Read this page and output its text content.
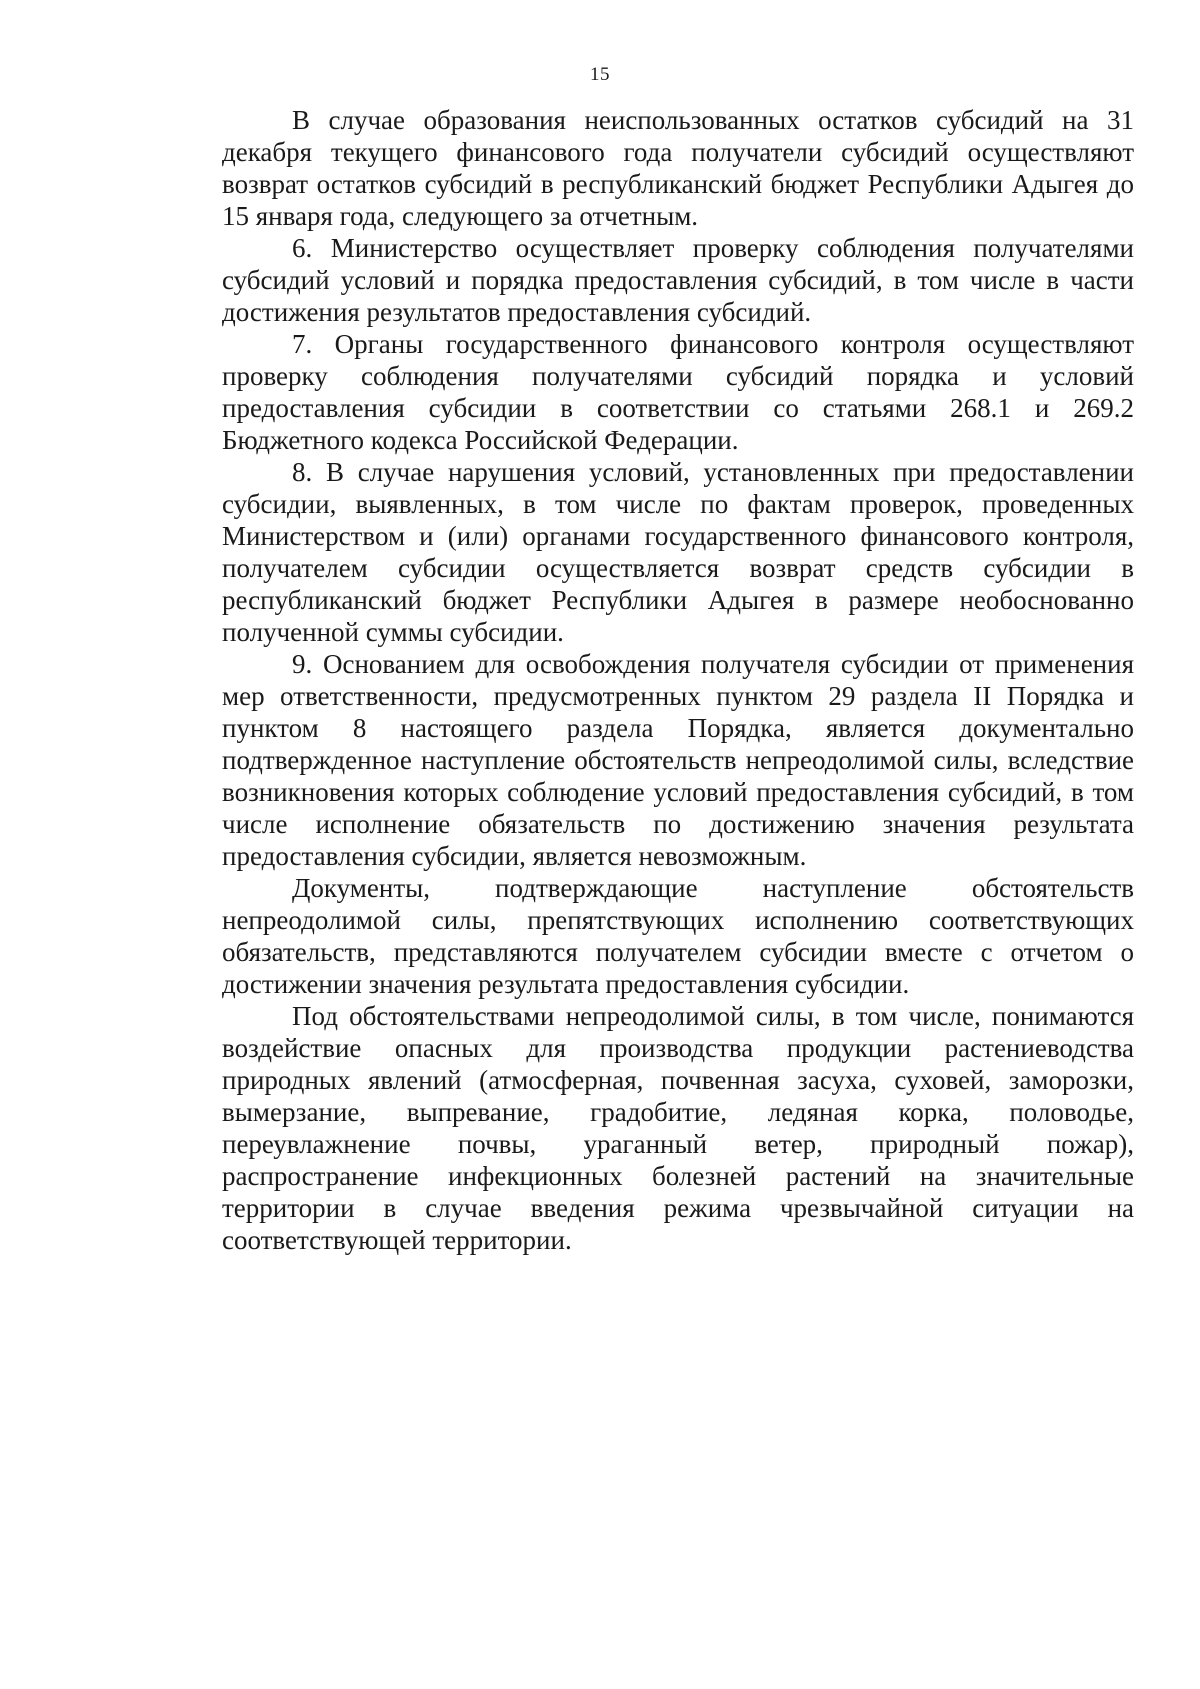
15

В случае образования неиспользованных остатков субсидий на 31 декабря текущего финансового года получатели субсидий осуществляют возврат остатков субсидий в республиканский бюджет Республики Адыгея до 15 января года, следующего за отчетным.

6. Министерство осуществляет проверку соблюдения получателями субсидий условий и порядка предоставления субсидий, в том числе в части достижения результатов предоставления субсидий.

7. Органы государственного финансового контроля осуществляют проверку соблюдения получателями субсидий порядка и условий предоставления субсидии в соответствии со статьями 268.1 и 269.2 Бюджетного кодекса Российской Федерации.

8. В случае нарушения условий, установленных при предоставлении субсидии, выявленных, в том числе по фактам проверок, проведенных Министерством и (или) органами государственного финансового контроля, получателем субсидии осуществляется возврат средств субсидии в республиканский бюджет Республики Адыгея в размере необоснованно полученной суммы субсидии.

9. Основанием для освобождения получателя субсидии от применения мер ответственности, предусмотренных пунктом 29 раздела II Порядка и пунктом 8 настоящего раздела Порядка, является документально подтвержденное наступление обстоятельств непреодолимой силы, вследствие возникновения которых соблюдение условий предоставления субсидий, в том числе исполнение обязательств по достижению значения результата предоставления субсидии, является невозможным.

Документы, подтверждающие наступление обстоятельств непреодолимой силы, препятствующих исполнению соответствующих обязательств, представляются получателем субсидии вместе с отчетом о достижении значения результата предоставления субсидии.

Под обстоятельствами непреодолимой силы, в том числе, понимаются воздействие опасных для производства продукции растениеводства природных явлений (атмосферная, почвенная засуха, суховей, заморозки, вымерзание, выпревание, градобитие, ледяная корка, половодье, переувлажнение почвы, ураганный ветер, природный пожар), распространение инфекционных болезней растений на значительные территории в случае введения режима чрезвычайной ситуации на соответствующей территории.
